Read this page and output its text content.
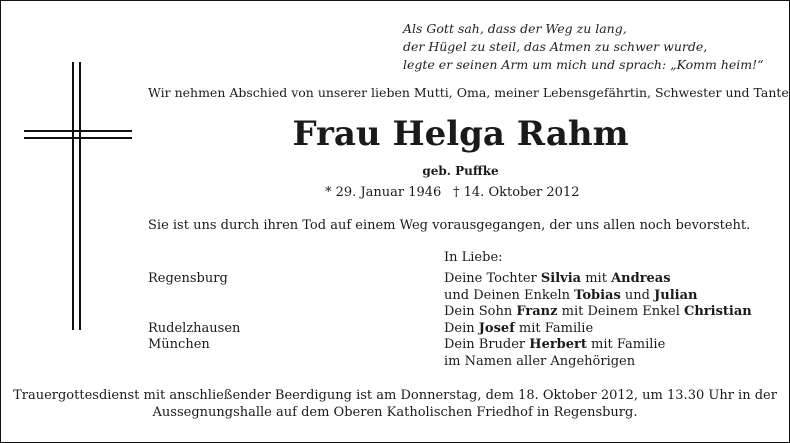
Als Gott sah, dass der Weg zu lang,
der Hügel zu steil, das Atmen zu schwer wurde,
legte er seinen Arm um mich und sprach: „Komm heim!“
Wir nehmen Abschied von unserer lieben Mutti, Oma, meiner Lebensgefährtin, Schwester und Tante
Frau Helga Rahm
geb. Puffke
* 29. Januar 1946 † 14. Oktober 2012
Sie ist uns durch ihren Tod auf einem Weg vorausgegangen, der uns allen noch bevorsteht.
In Liebe:
Regensburg
Rudelzhausen
München
Deine Tochter Silvia mit Andreas
und Deinen Enkeln Tobias und Julian
Dein Sohn Franz mit Deinem Enkel Christian
Dein Josef mit Familie
Dein Bruder Herbert mit Familie
im Namen aller Angehörigen
Trauergottesdienst mit anschließender Beerdigung ist am Donnerstag, dem 18. Oktober 2012, um 13.30 Uhr in der
Aussegnungshalle auf dem Oberen Katholischen Friedhof in Regensburg.
